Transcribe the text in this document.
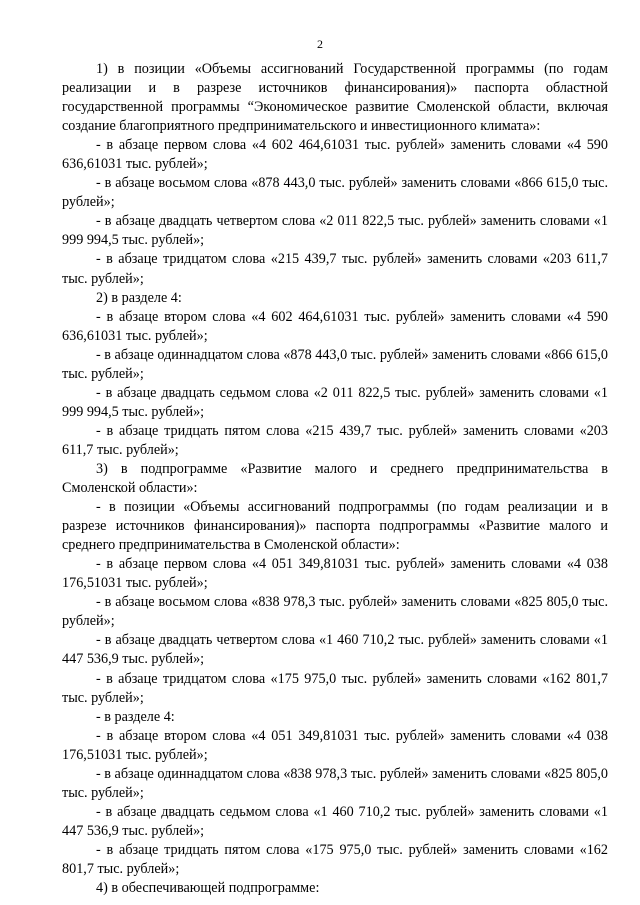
2

1) в позиции «Объемы ассигнований Государственной программы (по годам реализации и в разрезе источников финансирования)» паспорта областной государственной программы “Экономическое развитие Смоленской области, включая создание благоприятного предпринимательского и инвестиционного климата»:

- в абзаце первом слова «4 602 464,61031 тыс. рублей» заменить словами «4 590 636,61031 тыс. рублей»;

- в абзаце восьмом слова «878 443,0 тыс. рублей» заменить словами «866 615,0 тыс. рублей»;

- в абзаце двадцать четвертом слова «2 011 822,5 тыс. рублей» заменить словами «1 999 994,5 тыс. рублей»;

- в абзаце тридцатом слова «215 439,7 тыс. рублей» заменить словами «203 611,7 тыс. рублей»;

2) в разделе 4:

- в абзаце втором слова «4 602 464,61031 тыс. рублей» заменить словами «4 590 636,61031 тыс. рублей»;

- в абзаце одиннадцатом слова «878 443,0 тыс. рублей» заменить словами «866 615,0 тыс. рублей»;

- в абзаце двадцать седьмом слова «2 011 822,5 тыс. рублей» заменить словами «1 999 994,5 тыс. рублей»;

- в абзаце тридцать пятом слова «215 439,7 тыс. рублей» заменить словами «203 611,7 тыс. рублей»;

3) в подпрограмме «Развитие малого и среднего предпринимательства в Смоленской области»:

- в позиции «Объемы ассигнований подпрограммы (по годам реализации и в разрезе источников финансирования)» паспорта подпрограммы «Развитие малого и среднего предпринимательства в Смоленской области»:

- в абзаце первом слова «4 051 349,81031 тыс. рублей» заменить словами «4 038 176,51031 тыс. рублей»;

- в абзаце восьмом слова «838 978,3 тыс. рублей» заменить словами «825 805,0 тыс. рублей»;

- в абзаце двадцать четвертом слова «1 460 710,2 тыс. рублей» заменить словами «1 447 536,9 тыс. рублей»;

- в абзаце тридцатом слова «175 975,0 тыс. рублей» заменить словами «162 801,7 тыс. рублей»;

- в разделе 4:

- в абзаце втором слова «4 051 349,81031 тыс. рублей» заменить словами «4 038 176,51031 тыс. рублей»;

- в абзаце одиннадцатом слова «838 978,3 тыс. рублей» заменить словами «825 805,0 тыс. рублей»;

- в абзаце двадцать седьмом слова «1 460 710,2 тыс. рублей» заменить словами «1 447 536,9 тыс. рублей»;

- в абзаце тридцать пятом слова «175 975,0 тыс. рублей» заменить словами «162 801,7 тыс. рублей»;

4) в обеспечивающей подпрограмме:
